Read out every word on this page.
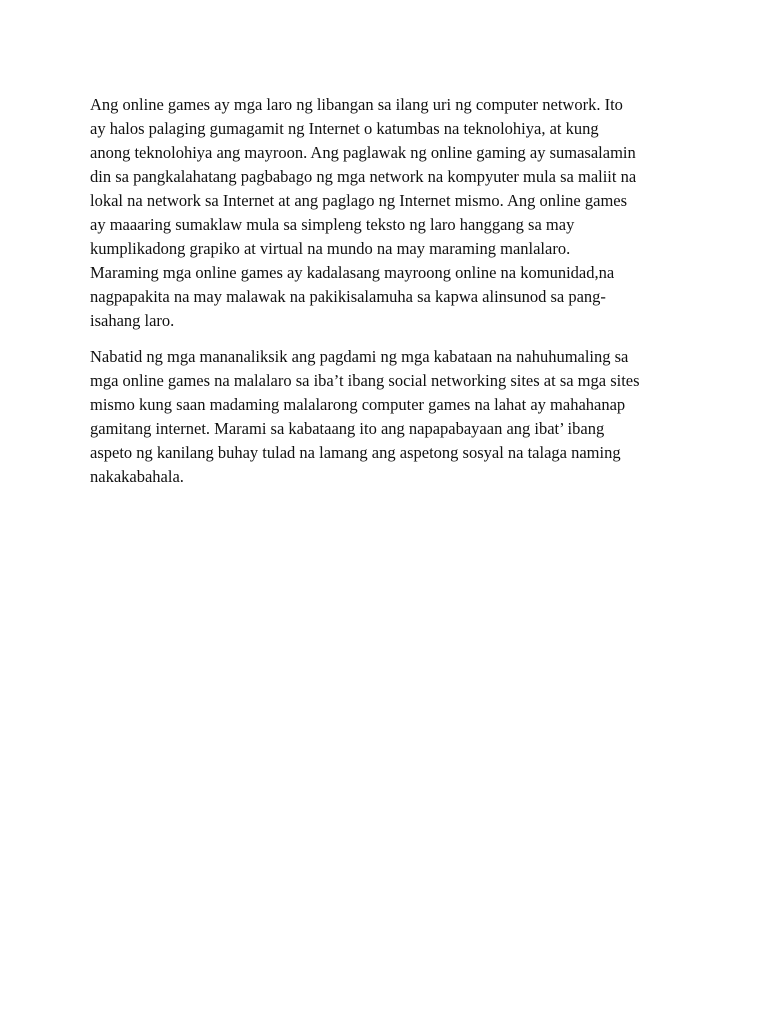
Ang online games ay mga laro ng libangan sa ilang uri ng computer network. Ito
ay halos palaging gumagamit ng Internet o katumbas na teknolohiya, at kung
anong teknolohiya ang mayroon. Ang paglawak ng online gaming ay sumasalamin
din sa pangkalahatang pagbabago ng mga network na kompyuter mula sa maliit na
lokal na network sa Internet at ang paglago ng Internet mismo. Ang online games
ay maaaring sumaklaw mula sa simpleng teksto ng laro hanggang sa may
kumplikadong grapiko at virtual na mundo na may maraming manlalaro.
Maraming mga online games ay kadalasang mayroong online na komunidad,na
nagpapakita na may malawak na pakikisalamuha sa kapwa alinsunod sa pang-
isahang laro.
Nabatid ng mga mananaliksik ang pagdami ng mga kabataan na nahuhumaling sa
mga online games na malalaro sa iba’t ibang social networking sites at sa mga sites
mismo kung saan madaming malalarong computer games na lahat ay mahahanap
gamitang internet. Marami sa kabataang ito ang napapabayaan ang ibat’ ibang
aspeto ng kanilang buhay tulad na lamang ang aspetong sosyal na talaga naming
nakakabahala.
